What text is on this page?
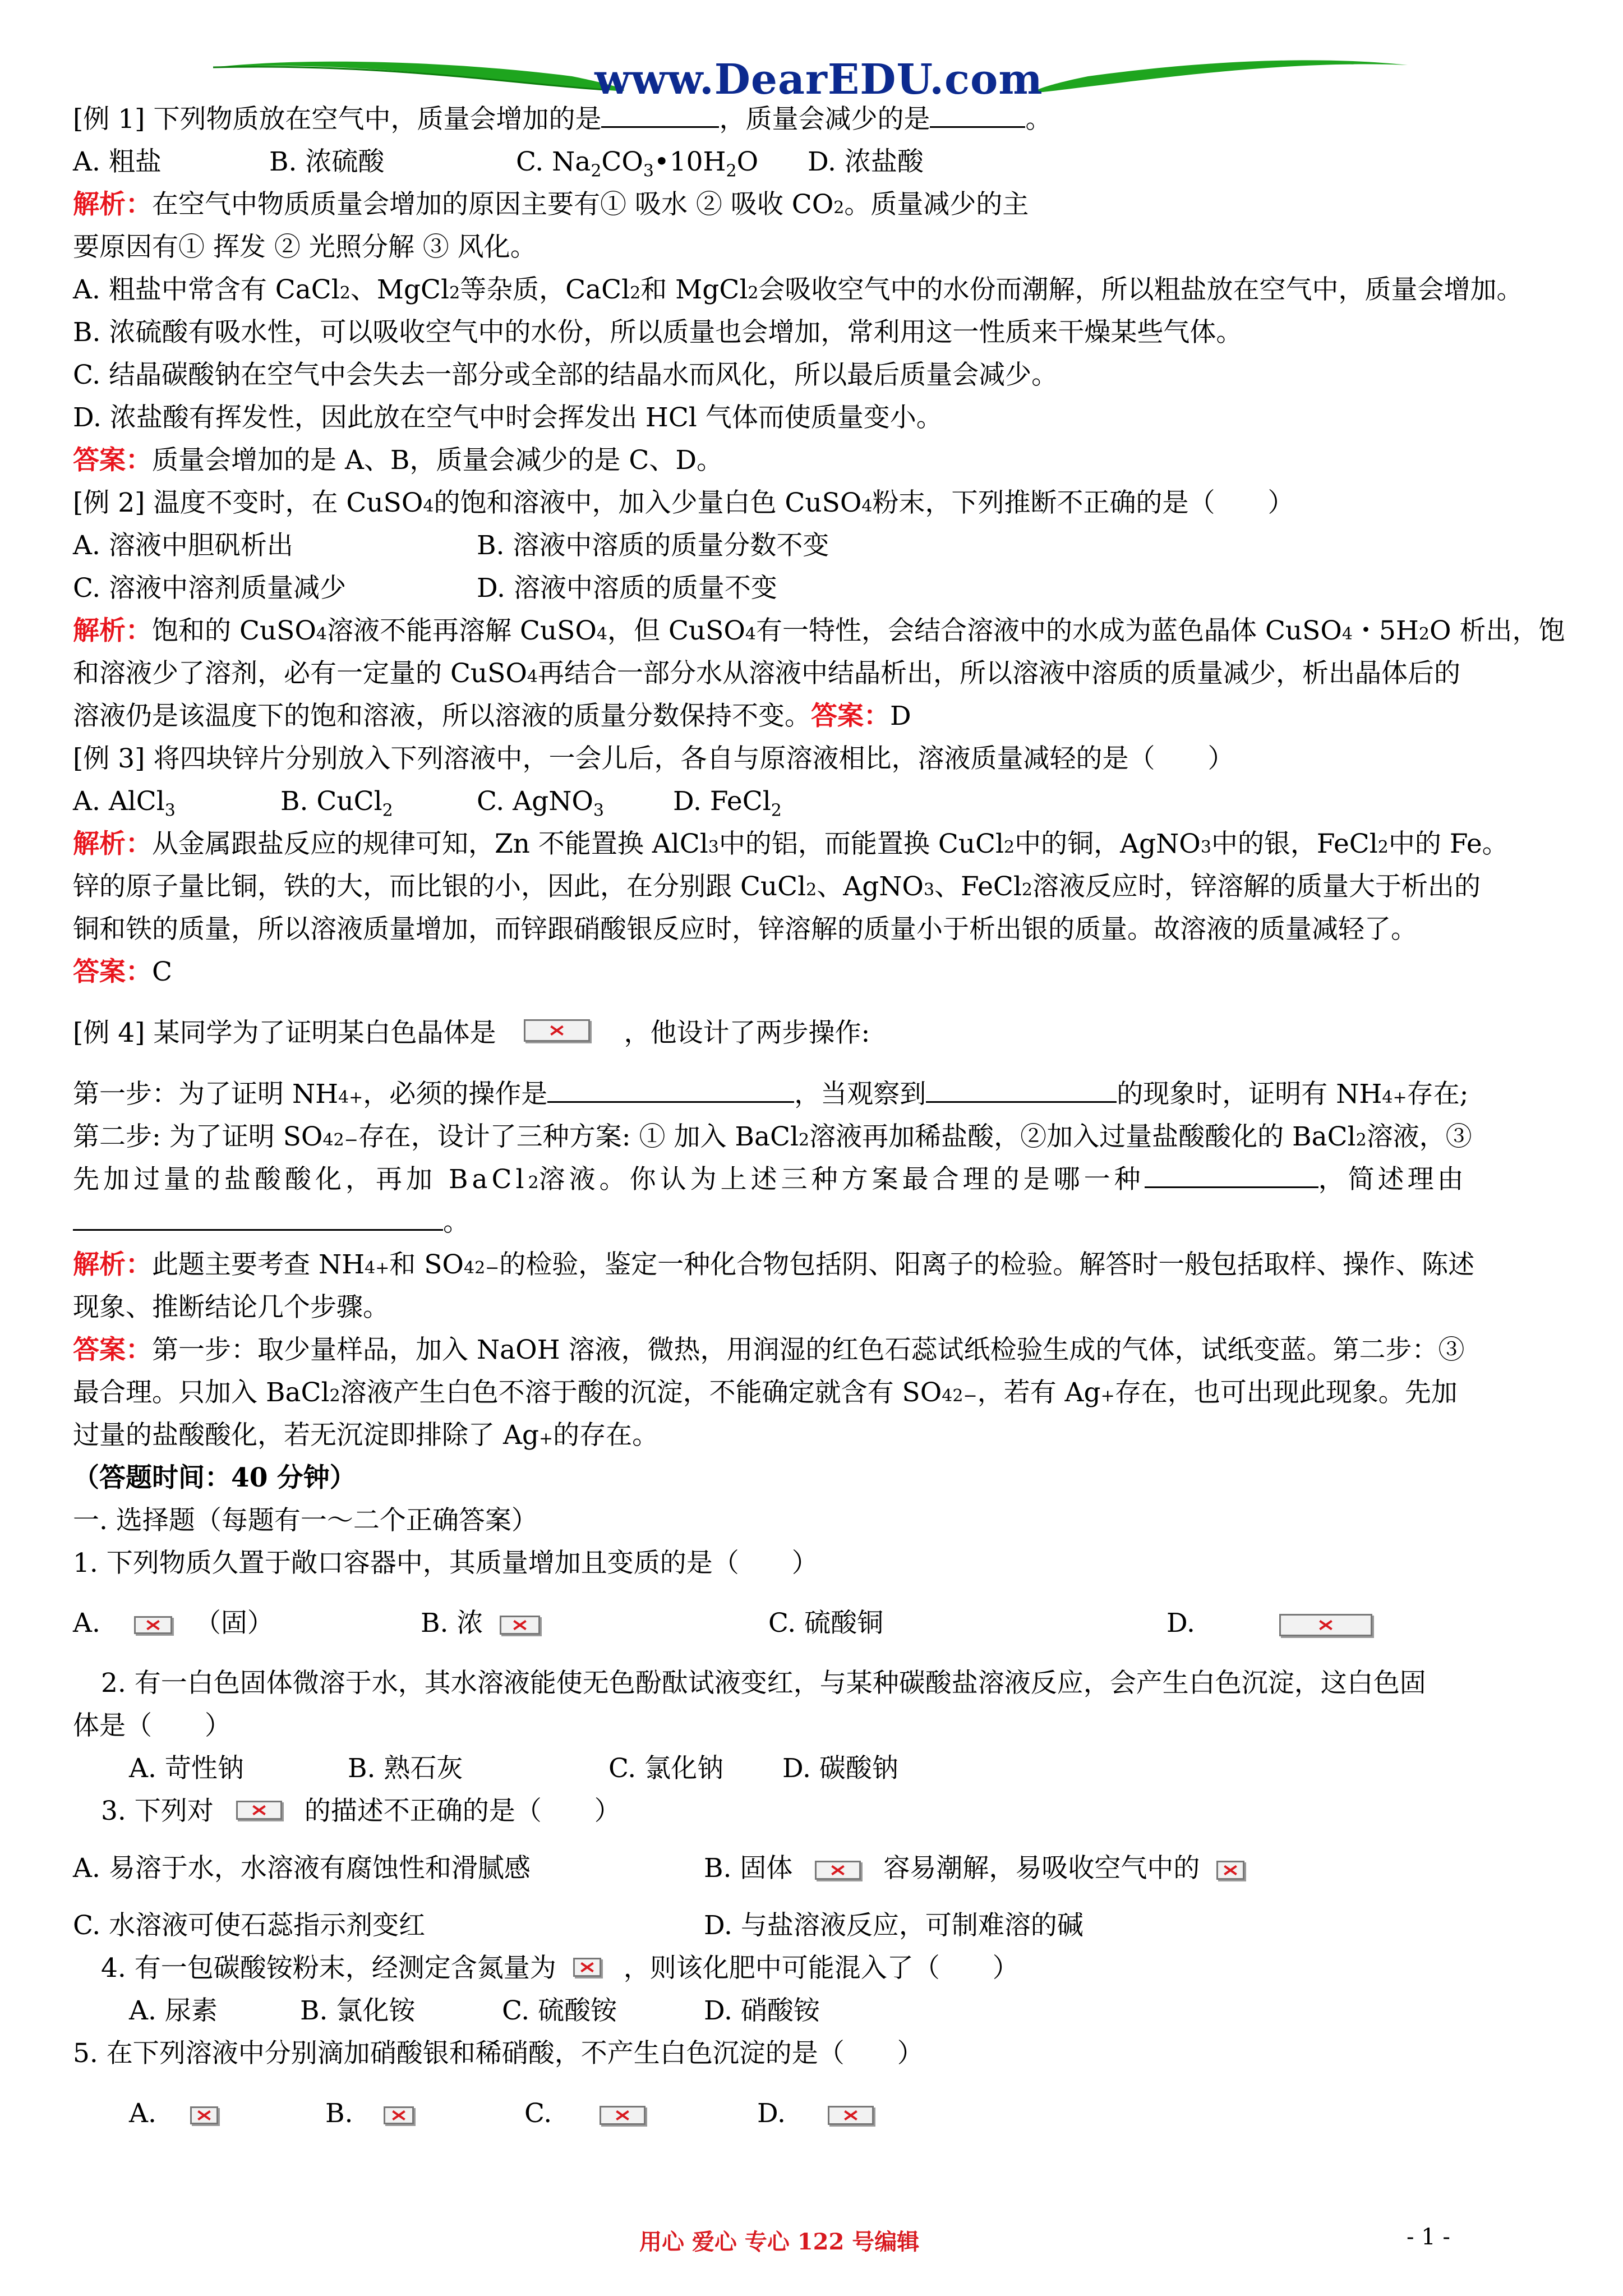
www.DearEDU.com
[例 1] 下列物质放在空气中，质量会增加的是	，质量会减少的是	。
A. 粗盐	B. 浓硫酸	C. $Na_2CO_3•10H_2O$	D. 浓盐酸
解析： 在空气中物质质量会增加的原因主要有① 吸水 ② 吸收 CO 2 。质量减少的主
要原因有① 挥发 ② 光照分解 ③ 风化。
A. 粗盐中常含有 CaCl 2 、MgCl 2 等杂质，CaCl 2 和 MgCl 2 会吸收空气中的水份而潮解，所以粗盐放在空气中，质量会增加。
B. 浓硫酸有吸水性，可以吸收空气中的水份，所以质量也会增加，常利用这一性质来干燥某些气体。
C. 结晶碳酸钠在空气中会失去一部分或全部的结晶水而风化，所以最后质量会减少。
D. 浓盐酸有挥发性，因此放在空气中时会挥发出 HCl 气体而使质量变小。
答案： 质量会增加的是 A、B，质量会减少的是 C、D。
[例 2] 温度不变时，在 CuSO 4 的饱和溶液中，加入少量白色 CuSO 4 粉末，下列推断不正确的是（　　）
A. 溶液中胆矾析出	B. 溶液中溶质的质量分数不变
C. 溶液中溶剂质量减少	D. 溶液中溶质的质量不变
解析： 饱和的 CuSO 4 溶液不能再溶解 CuSO 4 ，但 CuSO 4 有一特性，会结合溶液中的水成为蓝色晶体 CuSO 4 ・5H 2 O 析出，饱
和溶液少了溶剂，必有一定量的 CuSO 4 再结合一部分水从溶液中结晶析出，所以溶液中溶质的质量减少，析出晶体后的
溶液仍是该温度下的饱和溶液，所以溶液的质量分数保持不变。 答案： D
[例 3] 将四块锌片分别放入下列溶液中，一会儿后，各自与原溶液相比，溶液质量减轻的是（　　）
A. AlCl$_3$	B. CuCl$_2$	C. AgNO$_3$	D. FeCl$_2$
解析： 从金属跟盐反应的规律可知，Zn 不能置换 AlCl 3 中的铝，而能置换 CuCl 2 中的铜，AgNO 3 中的银，FeCl 2 中的 Fe。
锌的原子量比铜，铁的大，而比银的小，因此，在分别跟 CuCl 2 、AgNO 3 、FeCl 2 溶液反应时，锌溶解的质量大于析出的
铜和铁的质量，所以溶液质量增加，而锌跟硝酸银反应时，锌溶解的质量小于析出银的质量。故溶液的质量减轻了。
答案： C
[例 4] 某同学为了证明某白色晶体是	，他设计了两步操作:
第一步：为了证明 NH 4 + ，必须的操作是	，当观察到	的现象时，证明有 NH 4 + 存在;
第二步: 为了证明 SO 4 2− 存在，设计了三种方案: ① 加入 BaCl 2 溶液再加稀盐酸，②加入过量盐酸酸化的 BaCl 2 溶液，③
先加过量的盐酸酸化，再加 BaCl 2 溶液。你认为上述三种方案最合理的是哪一种	，简述理由
。
解析： 此题主要考查 NH 4 + 和 SO 4 2− 的检验，鉴定一种化合物包括阴、阳离子的检验。解答时一般包括取样、操作、陈述
现象、推断结论几个步骤。
答案： 第一步：取少量样品，加入 NaOH 溶液，微热，用润湿的红色石蕊试纸检验生成的气体，试纸变蓝。第二步：③
最合理。只加入 BaCl 2 溶液产生白色不溶于酸的沉淀，不能确定就含有 SO 4 2− ，若有 Ag + 存在，也可出现此现象。先加
过量的盐酸酸化，若无沉淀即排除了 Ag + 的存在。
（答题时间：40 分钟）
一. 选择题（每题有一～二个正确答案）
1. 下列物质久置于敞口容器中，其质量增加且变质的是（　　）
A.	（固）	B. 浓	C. 硫酸铜	D.
2. 有一白色固体微溶于水，其水溶液能使无色酚酞试液变红，与某种碳酸盐溶液反应，会产生白色沉淀，这白色固
体是（　　）
A. 苛性钠	B. 熟石灰	C. 氯化钠	D. 碳酸钠
3. 下列对	的描述不正确的是（　　）
A. 易溶于水，水溶液有腐蚀性和滑腻感	B. 固体	容易潮解，易吸收空气中的
C. 水溶液可使石蕊指示剂变红	D. 与盐溶液反应，可制难溶的碱
4. 有一包碳酸铵粉末，经测定含氮量为	，则该化肥中可能混入了（　　）
A. 尿素	B. 氯化铵	C. 硫酸铵	D. 硝酸铵
5. 在下列溶液中分别滴加硝酸银和稀硝酸，不产生白色沉淀的是（　　）
A.	B.	C.	D.
用心 爱心 专心 122 号编辑	- 1 -
